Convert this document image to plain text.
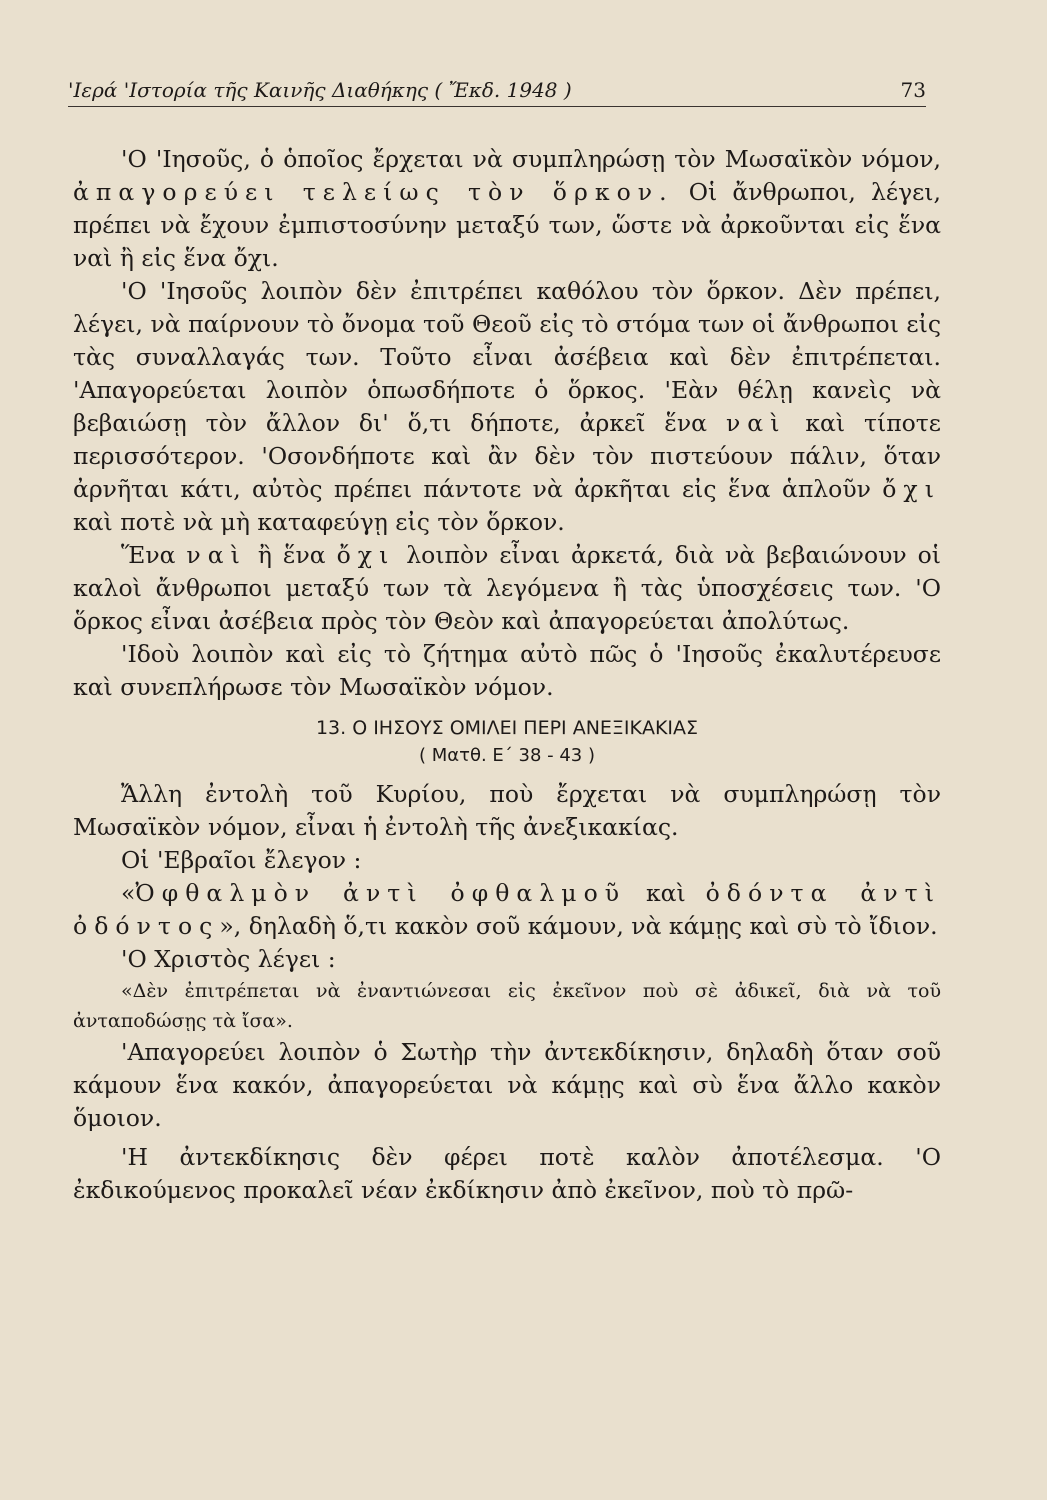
'Ιερά 'Ιστορία τῆς Καινῆς Διαθήκης ( Ἔκδ. 1948 )	73

'Ο 'Ιησοῦς, ὁ ὁποῖος ἔρχεται νὰ συμπληρώσῃ τὸν Μωσαϊκὸν νόμον, ἀπαγορεύει τελείως τὸν ὅρκον. Οἱ ἄνθρωποι, λέγει, πρέπει νὰ ἔχουν ἐμπιστοσύνην μεταξύ των, ὥστε νὰ ἀρκοῦνται εἰς ἕνα ναὶ ἢ εἰς ἕνα ὄχι.

'Ο 'Ιησοῦς λοιπὸν δὲν ἐπιτρέπει καθόλου τὸν ὅρκον. Δὲν πρέπει, λέγει, νὰ παίρνουν τὸ ὄνομα τοῦ Θεοῦ εἰς τὸ στόμα των οἱ ἄνθρωποι εἰς τὰς συναλλαγάς των. Τοῦτο εἶναι ἀσέβεια καὶ δὲν ἐπιτρέπεται. 'Απαγορεύεται λοιπὸν ὁπωσδήποτε ὁ ὅρκος. 'Εὰν θέλῃ κανεὶς νὰ βεβαιώσῃ τὸν ἄλλον δι' ὅ,τι δήποτε, ἀρκεῖ ἕνα ναὶ καὶ τίποτε περισσότερον. 'Οσονδήποτε καὶ ἂν δὲν τὸν πιστεύουν πάλιν, ὅταν ἀρνῆται κάτι, αὐτὸς πρέπει πάντοτε νὰ ἀρκῆται εἰς ἕνα ἁπλοῦν ὄχι καὶ ποτὲ νὰ μὴ καταφεύγῃ εἰς τὸν ὅρκον.

Ἕνα ναὶ ἢ ἕνα ὄχι λοιπὸν εἶναι ἀρκετά, διὰ νὰ βεβαιώνουν οἱ καλοὶ ἄνθρωποι μεταξύ των τὰ λεγόμενα ἢ τὰς ὑποσχέσεις των. 'Ο ὅρκος εἶναι ἀσέβεια πρὸς τὸν Θεὸν καὶ ἀπαγορεύεται ἀπολύτως.

'Ιδοὺ λοιπὸν καὶ εἰς τὸ ζήτημα αὐτὸ πῶς ὁ 'Ιησοῦς ἐκαλυτέρευσε καὶ συνεπλήρωσε τὸν Μωσαϊκὸν νόμον.

13. Ο ΙΗΣΟΥΣ ΟΜΙΛΕΙ ΠΕΡΙ ΑΝΕΞΙΚΑΚΙΑΣ
( Ματθ. Ε΄ 38 - 43 )

Ἄλλη ἐντολὴ τοῦ Κυρίου, ποὺ ἔρχεται νὰ συμπληρώσῃ τὸν Μωσαϊκὸν νόμον, εἶναι ἡ ἐντολὴ τῆς ἀνεξικακίας.

Οἱ 'Εβραῖοι ἔλεγον :

«Ὀφθαλμὸν ἀντὶ ὀφθαλμοῦ καὶ ὀδόντα ἀντὶ ὀδόντος», δηλαδὴ ὅ,τι κακὸν σοῦ κάμουν, νὰ κάμῃς καὶ σὺ τὸ ἴδιον.

'Ο Χριστὸς λέγει :

«Δὲν ἐπιτρέπεται νὰ ἐναντιώνεσαι εἰς ἐκεῖνον ποὺ σὲ ἀδικεῖ, διὰ νὰ τοῦ ἀνταποδώσῃς τὰ ἴσα».

'Απαγορεύει λοιπὸν ὁ Σωτὴρ τὴν ἀντεκδίκησιν, δηλαδὴ ὅταν σοῦ κάμουν ἕνα κακόν, ἀπαγορεύεται νὰ κάμῃς καὶ σὺ ἕνα ἄλλο κακὸν ὅμοιον.

'Η ἀντεκδίκησις δὲν φέρει ποτὲ καλὸν ἀποτέλεσμα. 'Ο ἐκδικούμενος προκαλεῖ νέαν ἐκδίκησιν ἀπὸ ἐκεῖνον, ποὺ τὸ πρῶ-
